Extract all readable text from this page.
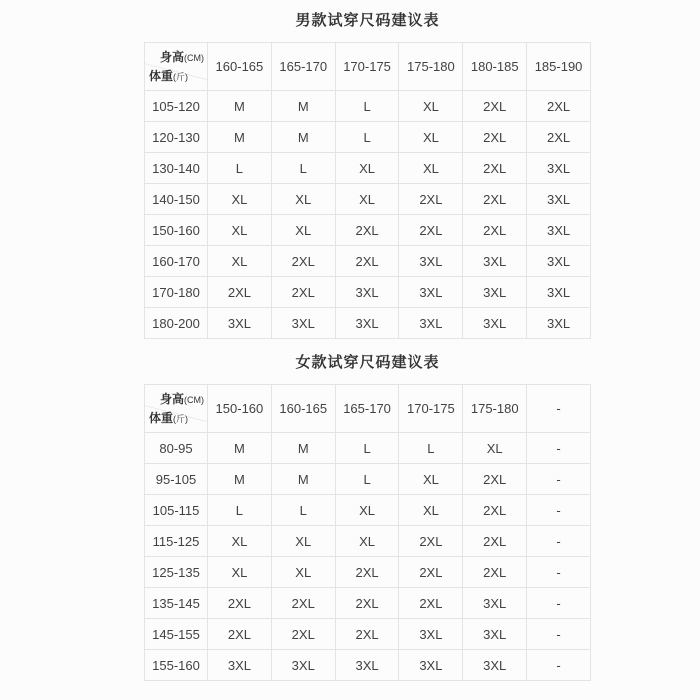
男款试穿尺码建议表
身高(CM)
体重(斤)	160-165	165-170	170-175	175-180	180-185	185-190
105-120	M	M	L	XL	2XL	2XL
120-130	M	M	L	XL	2XL	2XL
130-140	L	L	XL	XL	2XL	3XL
140-150	XL	XL	XL	2XL	2XL	3XL
150-160	XL	XL	2XL	2XL	2XL	3XL
160-170	XL	2XL	2XL	3XL	3XL	3XL
170-180	2XL	2XL	3XL	3XL	3XL	3XL
180-200	3XL	3XL	3XL	3XL	3XL	3XL
女款试穿尺码建议表
身高(CM)
体重(斤)	150-160	160-165	165-170	170-175	175-180	-
80-95	M	M	L	L	XL	-
95-105	M	M	L	XL	2XL	-
105-115	L	L	XL	XL	2XL	-
115-125	XL	XL	XL	2XL	2XL	-
125-135	XL	XL	2XL	2XL	2XL	-
135-145	2XL	2XL	2XL	2XL	3XL	-
145-155	2XL	2XL	2XL	3XL	3XL	-
155-160	3XL	3XL	3XL	3XL	3XL	-
